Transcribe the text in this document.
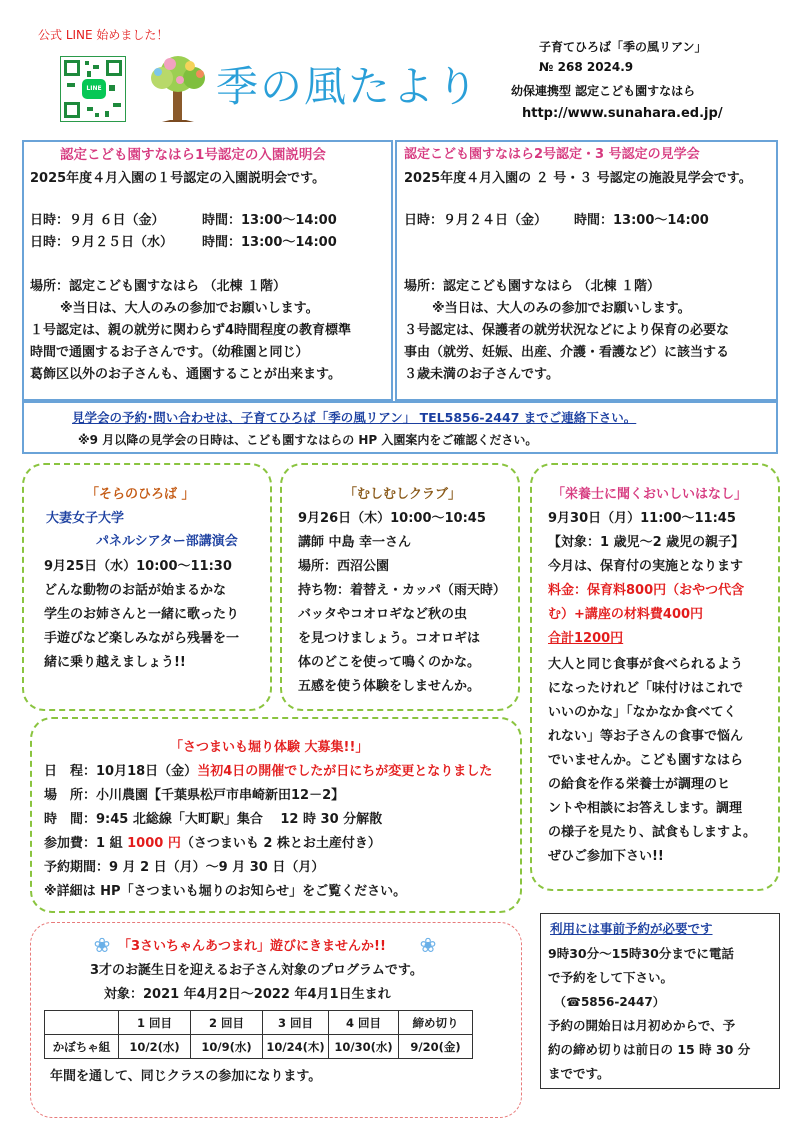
公式 LINE 始めました！
LINE	季の風たより
子育てひろば「季の風リアン」
№ 268 2024.9
幼保連携型 認定こども園すなはら
http://www.sunahara.ed.jp/
認定こども園すなはら1号認定の入園説明会
2025年度４月入園の１号認定の入園説明会です。
日時：９月 ６日（金）	時間：13:00～14:00
日時：９月２５日（水） 時間：13:00～14:00
場所：認定こども園すなはら （北棟 １階）
※当日は、大人のみの参加でお願いします。
１号認定は、親の就労に関わらず4時間程度の教育標準
時間で通園するお子さんです。（幼稚園と同じ）
葛飾区以外のお子さんも、通園することが出来ます。
認定こども園すなはら2号認定・3 号認定の見学会
2025年度４月入園の ２ 号・３ 号認定の施設見学会です。
日時：９月２４日（金） 時間：13:00～14:00
場所：認定こども園すなはら （北棟 １階）
※当日は、大人のみの参加でお願いします。
３号認定は、保護者の就労状況などにより保育の必要な
事由（就労、妊娠、出産、介護・看護など）に該当する
３歳未満のお子さんです。
見学会の予約･問い合わせは、子育てひろば「季の風リアン」 TEL5856-2447 までご連絡下さい。
※9 月以降の見学会の日時は、こども園すなはらの HP 入園案内をご確認ください。
「そらのひろば 」
大妻女子大学
パネルシアター部講演会
9月25日（水）10:00～11:30
どんな動物のお話が始まるかな
学生のお姉さんと一緒に歌ったり
手遊びなど楽しみながら残暑を一
緒に乗り越えましょう!!
「むしむしクラブ」
9月26日（木）10:00～10:45
講師 中島 幸一さん
場所：西沼公園
持ち物：着替え・カッパ（雨天時）
バッタやコオロギなど秋の虫
を見つけましょう。コオロギは
体のどこを使って鳴くのかな。
五感を使う体験をしませんか。
「栄養士に聞くおいしいはなし」
9月30日（月）11:00～11:45
【対象：1 歳児～2 歳児の親子】
今月は、保育付の実施となります
料金：保育料800円（おやつ代含
む）+講座の材料費400円
合計1200円
大人と同じ食事が食べられるよう
になったけれど「味付けはこれで
いいのかな」「なかなか食べてく
れない」等お子さんの食事で悩ん
でいませんか。こども園すなはら
の給食を作る栄養士が調理のヒ
ントや相談にお答えします。調理
の様子を見たり、試食もしますよ。
ぜひご参加下さい!!
「さつまいも堀り体験 大募集!!」
日　程：10月18日（金）当初4日の開催でしたが日にちが変更となりました
場　所：小川農園【千葉県松戸市串崎新田12－2】
時　間：9:45 北総線「大町駅」集合　 12 時 30 分解散
参加費：1 組 1000 円（さつまいも 2 株とお土産付き）
予約期間：9 月 2 日（月）～9 月 30 日（月）
※詳細は HP「さつまいも堀りのお知らせ」をご覧ください。
❀	❀
「3さいちゃんあつまれ」遊びにきませんか!!
3才のお誕生日を迎えるお子さん対象のプログラムです。
対象：2021 年4月2日～2022 年4月1日生まれ
	1 回目	2 回目	3 回目	4 回目	締め切り
かぼちゃ組	10/2(水)	10/9(水)	10/24(木)	10/30(水)	9/20(金)
年間を通して、同じクラスの参加になります。
利用には事前予約が必要です
9時30分～15時30分までに電話
で予約をして下さい。
（☎5856-2447）
予約の開始日は月初めからで、予
約の締め切りは前日の 15 時 30 分
までです。
